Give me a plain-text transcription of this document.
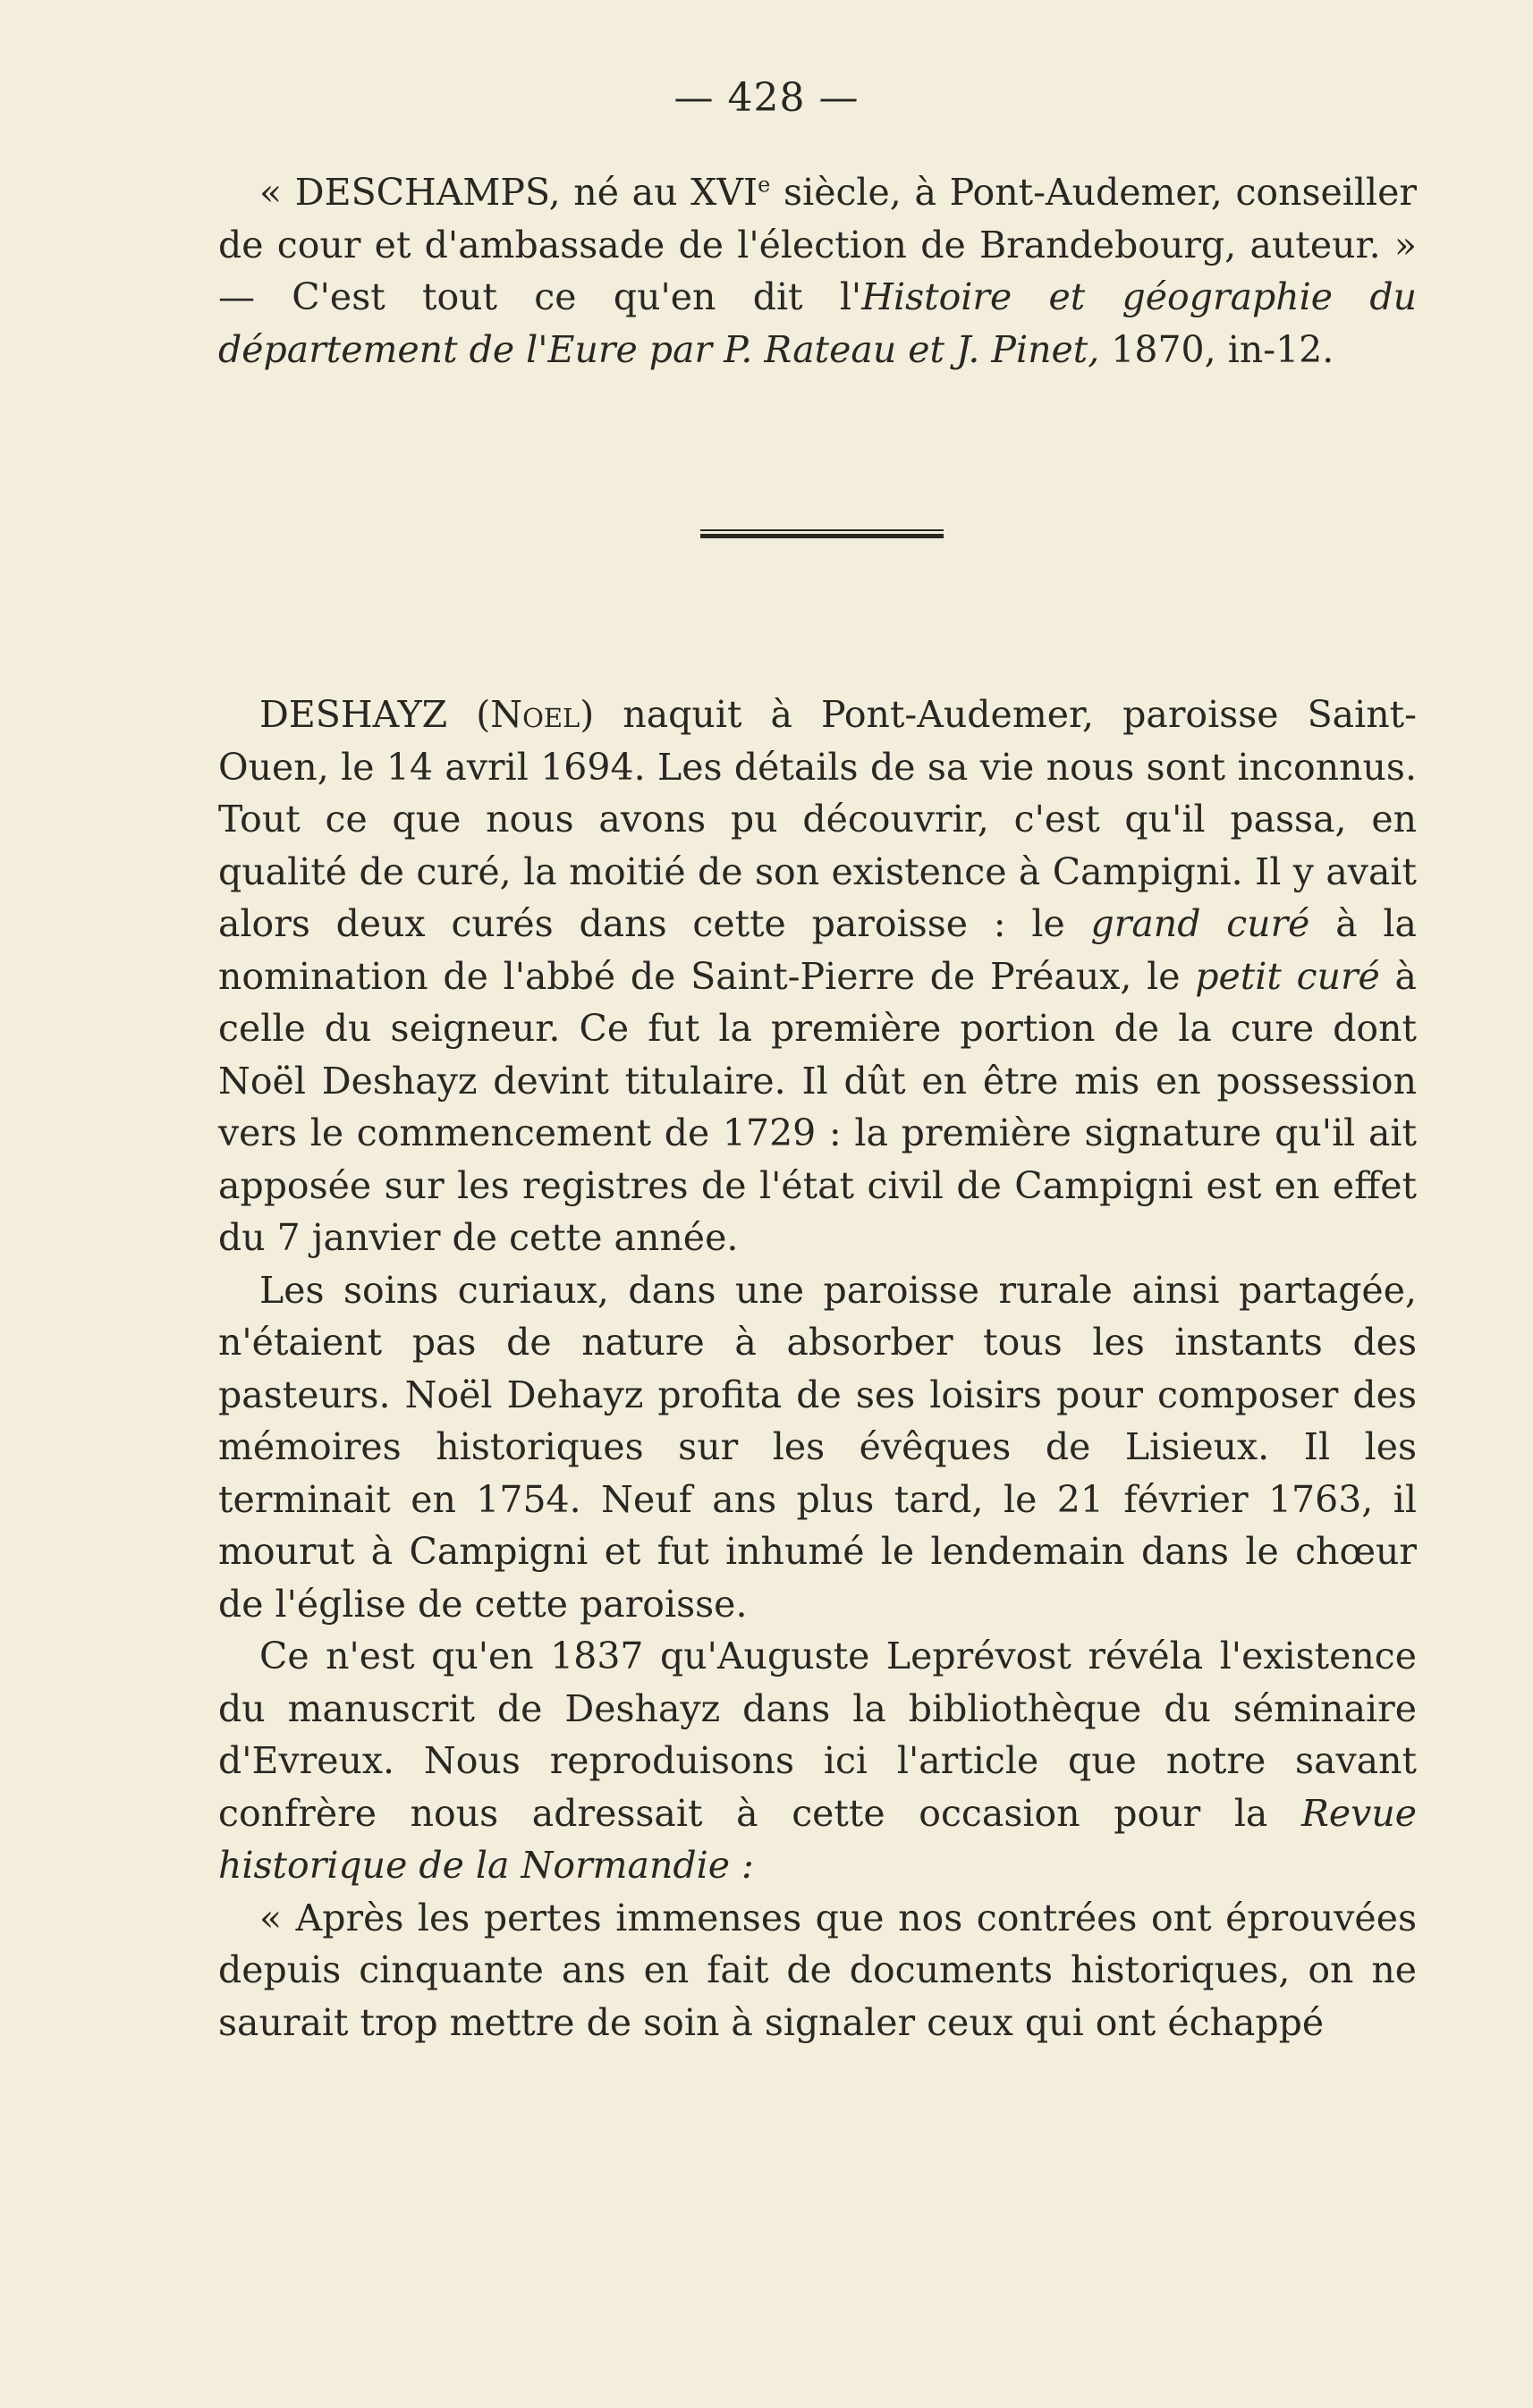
— 428 —

« DESCHAMPS, né au XVIe siècle, à Pont-Audemer, conseiller de cour et d'ambassade de l'élection de Brandebourg, auteur. » — C'est tout ce qu'en dit l'Histoire et géographie du département de l'Eure par P. Rateau et J. Pinet, 1870, in-12.

DESHAYZ (Noel) naquit à Pont-Audemer, paroisse Saint-Ouen, le 14 avril 1694. Les détails de sa vie nous sont inconnus. Tout ce que nous avons pu découvrir, c'est qu'il passa, en qualité de curé, la moitié de son existence à Campigni. Il y avait alors deux curés dans cette paroisse : le grand curé à la nomination de l'abbé de Saint-Pierre de Préaux, le petit curé à celle du seigneur. Ce fut la première portion de la cure dont Noël Deshayz devint titulaire. Il dût en être mis en possession vers le commencement de 1729 : la première signature qu'il ait apposée sur les registres de l'état civil de Campigni est en effet du 7 janvier de cette année.

Les soins curiaux, dans une paroisse rurale ainsi partagée, n'étaient pas de nature à absorber tous les instants des pasteurs. Noël Dehayz profita de ses loisirs pour composer des mémoires historiques sur les évêques de Lisieux. Il les terminait en 1754. Neuf ans plus tard, le 21 février 1763, il mourut à Campigni et fut inhumé le lendemain dans le chœur de l'église de cette paroisse.

Ce n'est qu'en 1837 qu'Auguste Leprévost révéla l'existence du manuscrit de Deshayz dans la bibliothèque du séminaire d'Evreux. Nous reproduisons ici l'article que notre savant confrère nous adressait à cette occasion pour la Revue historique de la Normandie :

« Après les pertes immenses que nos contrées ont éprouvées depuis cinquante ans en fait de documents historiques, on ne saurait trop mettre de soin à signaler ceux qui ont échappé
